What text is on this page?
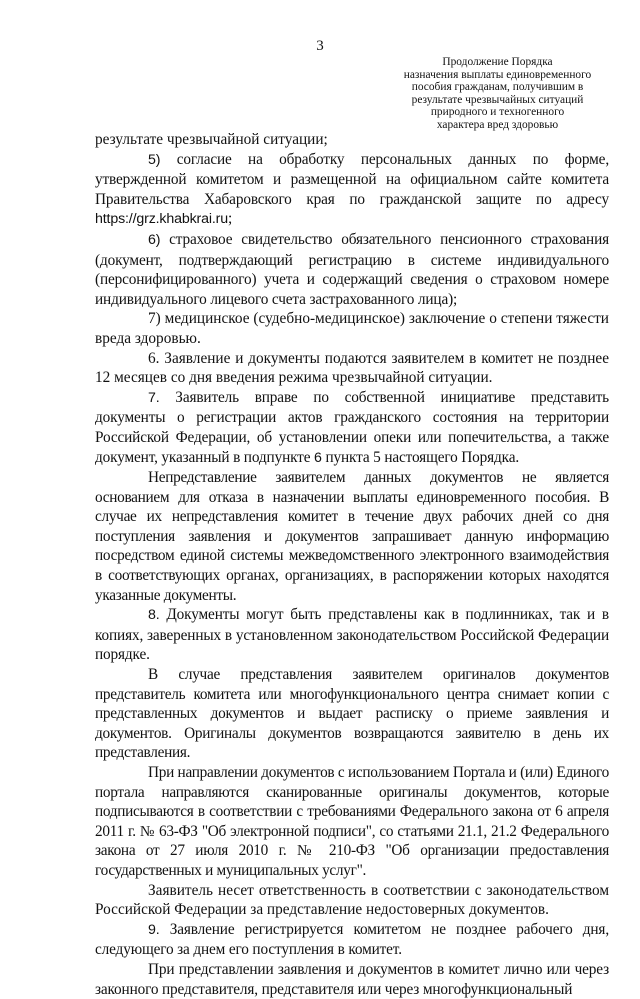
3
Продолжение Порядка
назначения выплаты единовременного
пособия гражданам, получившим в
результате чрезвычайных ситуаций
природного и техногенного
характера вред здоровью

результате чрезвычайной ситуации;

5) согласие на обработку персональных данных по форме, утвержденной комитетом и размещенной на официальном сайте комитета Правительства Хабаровского края по гражданской защите по адресу https://grz.khabkrai.ru;

6) страховое свидетельство обязательного пенсионного страхования (документ, подтверждающий регистрацию в системе индивидуального (персонифицированного) учета и содержащий сведения о страховом номере индивидуального лицевого счета застрахованного лица);

7) медицинское (судебно-медицинское) заключение о степени тяжести вреда здоровью.

6. Заявление и документы подаются заявителем в комитет не позднее 12 месяцев со дня введения режима чрезвычайной ситуации.

7. Заявитель вправе по собственной инициативе представить документы о регистрации актов гражданского состояния на территории Российской Федерации, об установлении опеки или попечительства, а также документ, указанный в подпункте 6 пункта 5 настоящего Порядка.

Непредставление заявителем данных документов не является основанием для отказа в назначении выплаты единовременного пособия. В случае их непредставления комитет в течение двух рабочих дней со дня поступления заявления и документов запрашивает данную информацию посредством единой системы межведомственного электронного взаимодействия в соответствующих органах, организациях, в распоряжении которых находятся указанные документы.

8. Документы могут быть представлены как в подлинниках, так и в копиях, заверенных в установленном законодательством Российской Федерации порядке.

В случае представления заявителем оригиналов документов представитель комитета или многофункционального центра снимает копии с представленных документов и выдает расписку о приеме заявления и документов. Оригиналы документов возвращаются заявителю в день их представления.

При направлении документов с использованием Портала и (или) Единого портала направляются сканированные оригиналы документов, которые подписываются в соответствии с требованиями Федерального закона от 6 апреля 2011 г. № 63-ФЗ "Об электронной подписи", со статьями 21.1, 21.2 Федерального закона от 27 июля 2010 г. № 210-ФЗ "Об организации предоставления государственных и муниципальных услуг".

Заявитель несет ответственность в соответствии с законодательством Российской Федерации за представление недостоверных документов.

9. Заявление регистрируется комитетом не позднее рабочего дня, следующего за днем его поступления в комитет.

При представлении заявления и документов в комитет лично или через законного представителя, представителя или через многофункциональный
